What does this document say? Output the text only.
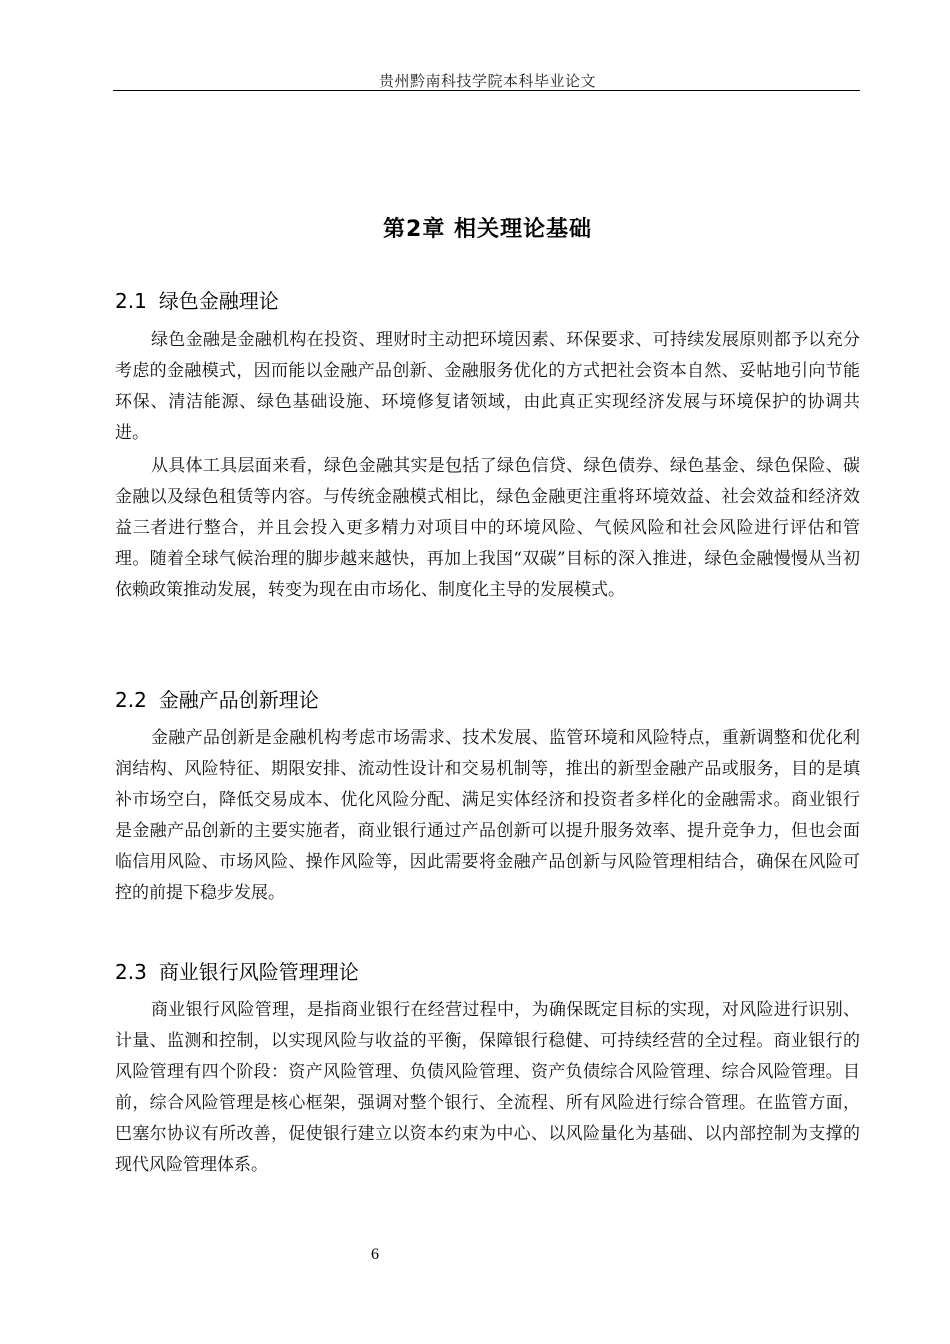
贵州黔南科技学院本科毕业论文
第2章 相关理论基础
2.1 绿色金融理论

绿色金融是金融机构在投资、理财时主动把环境因素、环保要求、可持续发展原则都予以充分考虑的金融模式，因而能以金融产品创新、金融服务优化的方式把社会资本自然、妥帖地引向节能环保、清洁能源、绿色基础设施、环境修复诸领域，由此真正实现经济发展与环境保护的协调共进。

从具体工具层面来看，绿色金融其实是包括了绿色信贷、绿色债券、绿色基金、绿色保险、碳金融以及绿色租赁等内容。与传统金融模式相比，绿色金融更注重将环境效益、社会效益和经济效益三者进行整合，并且会投入更多精力对项目中的环境风险、气候风险和社会风险进行评估和管理。随着全球气候治理的脚步越来越快，再加上我国“双碳”目标的深入推进，绿色金融慢慢从当初依赖政策推动发展，转变为现在由市场化、制度化主导的发展模式。

2.2 金融产品创新理论

金融产品创新是金融机构考虑市场需求、技术发展、监管环境和风险特点，重新调整和优化利润结构、风险特征、期限安排、流动性设计和交易机制等，推出的新型金融产品或服务，目的是填补市场空白，降低交易成本、优化风险分配、满足实体经济和投资者多样化的金融需求。商业银行是金融产品创新的主要实施者，商业银行通过产品创新可以提升服务效率、提升竞争力，但也会面临信用风险、市场风险、操作风险等，因此需要将金融产品创新与风险管理相结合，确保在风险可控的前提下稳步发展。

2.3 商业银行风险管理理论

商业银行风险管理，是指商业银行在经营过程中，为确保既定目标的实现，对风险进行识别、计量、监测和控制，以实现风险与收益的平衡，保障银行稳健、可持续经营的全过程。商业银行的风险管理有四个阶段：资产风险管理、负债风险管理、资产负债综合风险管理、综合风险管理。目前，综合风险管理是核心框架，强调对整个银行、全流程、所有风险进行综合管理。在监管方面，巴塞尔协议有所改善，促使银行建立以资本约束为中心、以风险量化为基础、以内部控制为支撑的现代风险管理体系。

6
